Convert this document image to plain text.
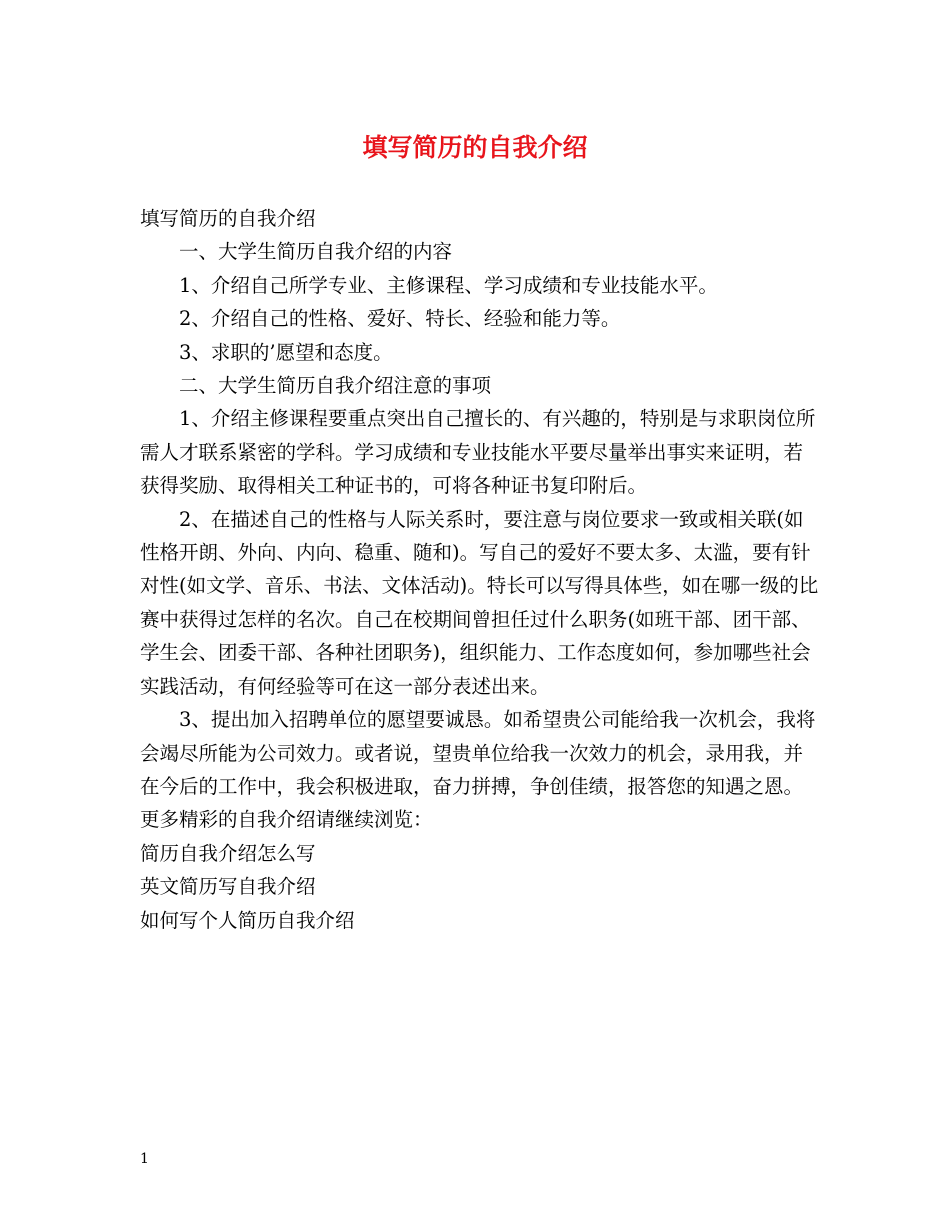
填写简历的自我介绍

填写简历的自我介绍

一、大学生简历自我介绍的内容

1、介绍自己所学专业、主修课程、学习成绩和专业技能水平。

2、介绍自己的性格、爱好、特长、经验和能力等。

3、求职的’愿望和态度。

二、大学生简历自我介绍注意的事项

1、介绍主修课程要重点突出自己擅长的、有兴趣的，特别是与求职岗位所需人才联系紧密的学科。学习成绩和专业技能水平要尽量举出事实来证明，若获得奖励、取得相关工种证书的，可将各种证书复印附后。

2、在描述自己的性格与人际关系时，要注意与岗位要求一致或相关联(如性格开朗、外向、内向、稳重、随和)。写自己的爱好不要太多、太滥，要有针对性(如文学、音乐、书法、文体活动)。特长可以写得具体些，如在哪一级的比赛中获得过怎样的名次。自己在校期间曾担任过什么职务(如班干部、团干部、学生会、团委干部、各种社团职务)，组织能力、工作态度如何，参加哪些社会实践活动，有何经验等可在这一部分表述出来。

3、提出加入招聘单位的愿望要诚恳。如希望贵公司能给我一次机会，我将会竭尽所能为公司效力。或者说，望贵单位给我一次效力的机会，录用我，并在今后的工作中，我会积极进取，奋力拼搏，争创佳绩，报答您的知遇之恩。

更多精彩的自我介绍请继续浏览：

简历自我介绍怎么写

英文简历写自我介绍

如何写个人简历自我介绍

1
